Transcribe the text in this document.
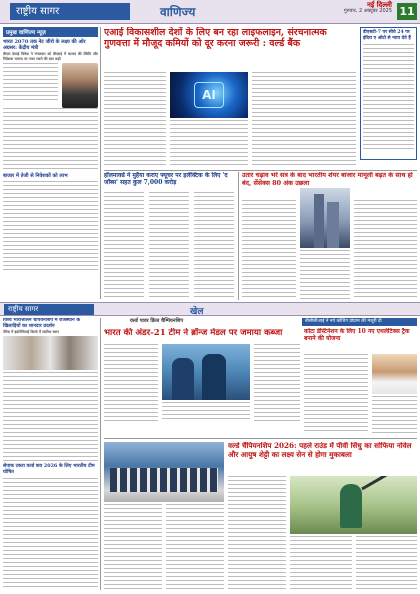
राष्ट्रीय सागर	वाणिज्य	नई दिल्ली
गुरुवार, 2 अक्टूबर 2025 11
प्रमुख वाणिज्य न्यूज़
भारत 2070 तक नेट जीरो के लक्ष्य की ओर अग्रसर: केंद्रीय मंत्री
बीएस देसाई विवेक ने मंगलवार को बीएसई में बाजार की स्थिति और निवेशक भावना पर नजर रखने की बात कही
बाजार में तेजी से निवेशकों को लाभ
एआई विकासशील देशों के लिए बन रहा लाइफलाइन, संरचनात्मक गुणवत्ता में मौजूद कमियों को दूर करना जरूरी : वर्ल्ड बैंक
AI
डीएसटी-7 पर सीधे 24 पर इंदिरा ए ऑटो से न्याय देते हैं
हॉलमार्क्ड ने मुहैया कराए फ्यूचर पर इलेक्टिक के लिए 'द जॉब्स' सहत कुल 7,000 करोड़
उतार चढ़ाव भरे सत्र के बाद भारतीय शेयर बाजार मामूली बढ़त के साथ हो बंद, सेंसेक्स 80 अंक उछला
राष्ट्रीय सागर	खेल
वर्ल्ड पावर फ्रिंज चैम्पियनशिप	बीसीसीआई ने नये कोचिंग प्रोग्राम की मंजूरी दी
विश्व भारोत्तोलन चैंपियनशिप में राजस्थान के खिलाड़ियों का शानदार प्रदर्शन
पेरिस में इंडोनेशियाई किलो में सर्वोच्च स्थान
सेपाक टकरा वर्ल्ड कप 2026 के लिए भारतीय टीम घोषित
भारत की अंडर-21 टीम ने ब्रॉन्ज मेडल पर जमाया कब्जा	कोटा डेस्टिनेशन के लिए 10 नए एथलेटिक्स ट्रैक बनाने की योजना
वर्ल्ड चैंपियनशिप 2026: पहले राउंड में पीवी सिंधु का सोफिया नोवेल और आयुष शेट्टी का लक्ष्य सेन से होगा मुकाबला
